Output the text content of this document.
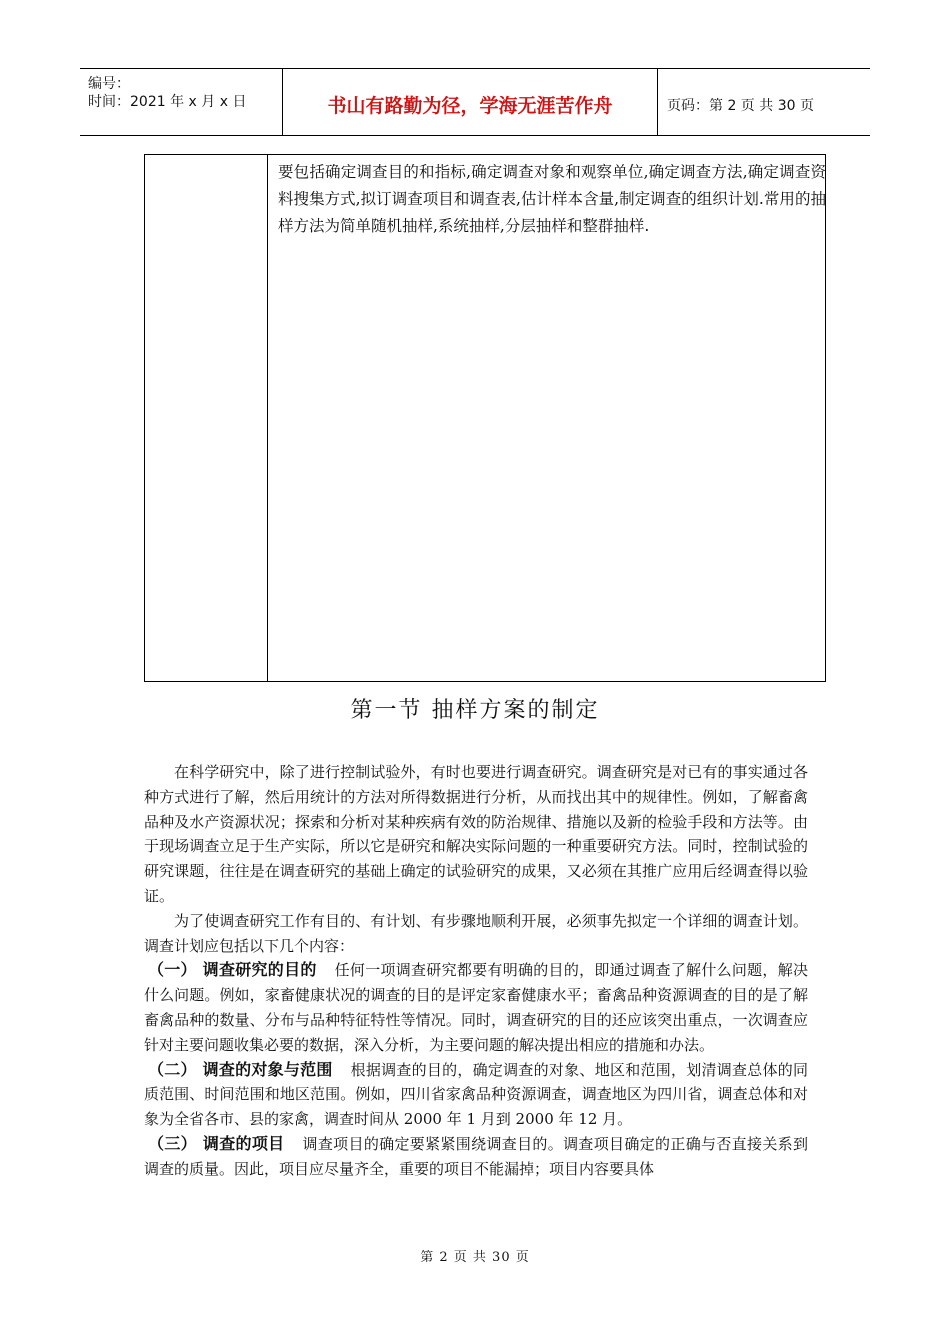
编号：
时间：2021 年 x 月 x 日	书山有路勤为径，学海无涯苦作舟	页码：第 2 页 共 30 页
要包括确定调查目的和指标,确定调查对象和观察单位,确定调查方法,确定调查资料搜集方式,拟订调查项目和调查表,估计样本含量,制定调查的组织计划.常用的抽样方法为简单随机抽样,系统抽样,分层抽样和整群抽样.
第一节 抽样方案的制定

在科学研究中，除了进行控制试验外，有时也要进行调查研究。调查研究是对已有的事实通过各种方式进行了解，然后用统计的方法对所得数据进行分析，从而找出其中的规律性。例如，了解畜禽品种及水产资源状况；探索和分析对某种疾病有效的防治规律、措施以及新的检验手段和方法等。由于现场调查立足于生产实际，所以它是研究和解决实际问题的一种重要研究方法。同时，控制试验的研究课题，往往是在调查研究的基础上确定的试验研究的成果，又必须在其推广应用后经调查得以验证。

为了使调查研究工作有目的、有计划、有步骤地顺利开展，必须事先拟定一个详细的调查计划。调查计划应包括以下几个内容：

（一） 调查研究的目的 任何一项调查研究都要有明确的目的，即通过调查了解什么问题，解决什么问题。例如，家畜健康状况的调查的目的是评定家畜健康水平；畜禽品种资源调查的目的是了解畜禽品种的数量、分布与品种特征特性等情况。同时，调查研究的目的还应该突出重点，一次调查应针对主要问题收集必要的数据，深入分析，为主要问题的解决提出相应的措施和办法。

（二） 调查的对象与范围 根据调查的目的，确定调查的对象、地区和范围，划清调查总体的同质范围、时间范围和地区范围。例如，四川省家禽品种资源调查，调查地区为四川省，调查总体和对象为全省各市、县的家禽，调查时间从 2000 年 1 月到 2000 年 12 月。

（三） 调查的项目 调查项目的确定要紧紧围绕调查目的。调查项目确定的正确与否直接关系到调查的质量。因此，项目应尽量齐全，重要的项目不能漏掉；项目内容要具体

第 2 页 共 30 页
